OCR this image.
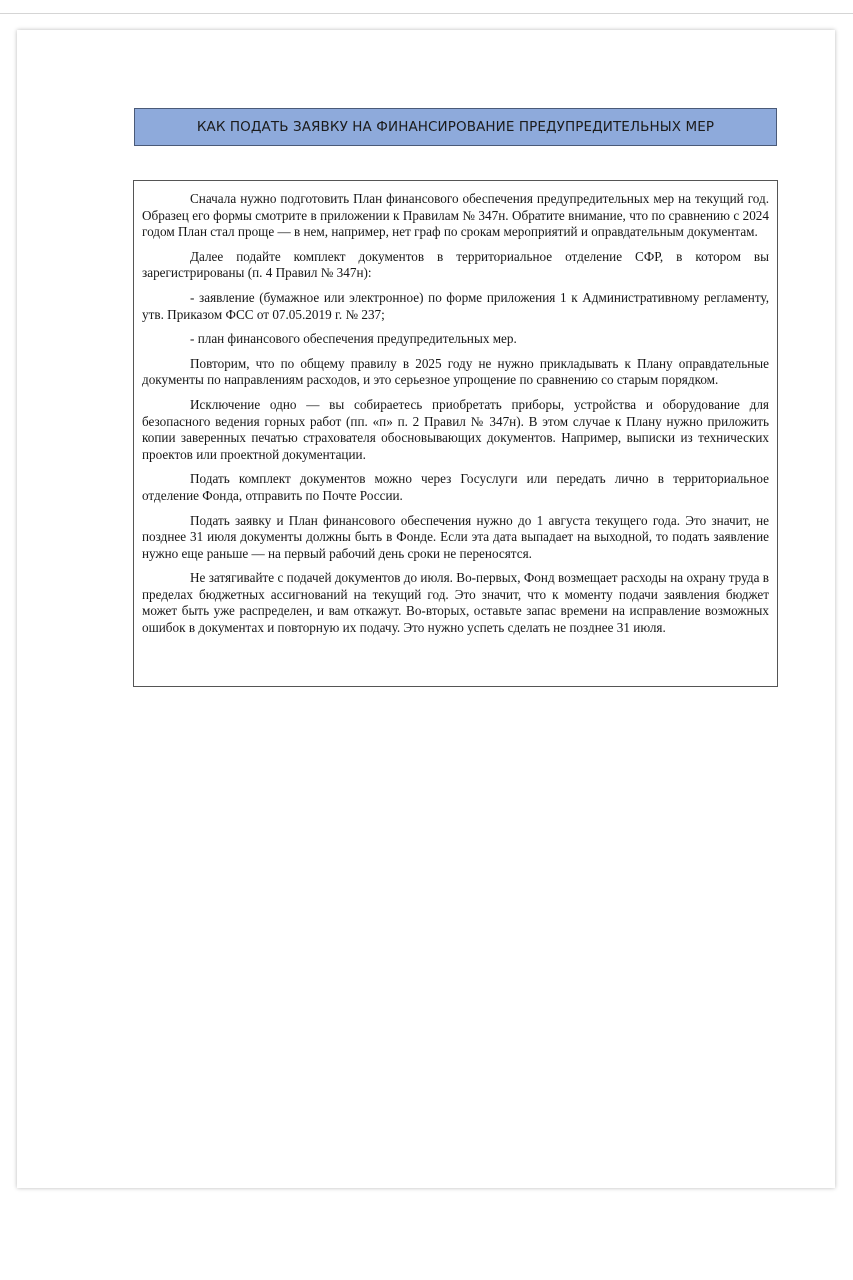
КАК ПОДАТЬ ЗАЯВКУ НА ФИНАНСИРОВАНИЕ ПРЕДУПРЕДИТЕЛЬНЫХ МЕР

Сначала нужно подготовить План финансового обеспечения предупредительных мер на текущий год. Образец его формы смотрите в приложении к Правилам № 347н. Обратите внимание, что по сравнению с 2024 годом План стал проще — в нем, например, нет граф по срокам мероприятий и оправдательным документам.

Далее подайте комплект документов в территориальное отделение СФР, в котором вы зарегистрированы (п. 4 Правил № 347н):

- заявление (бумажное или электронное) по форме приложения 1 к Административному регламенту, утв. Приказом ФСС от 07.05.2019 г. № 237;

- план финансового обеспечения предупредительных мер.

Повторим, что по общему правилу в 2025 году не нужно прикладывать к Плану оправдательные документы по направлениям расходов, и это серьезное упрощение по сравнению со старым порядком.

Исключение одно — вы собираетесь приобретать приборы, устройства и оборудование для безопасного ведения горных работ (пп. «п» п. 2 Правил № 347н). В этом случае к Плану нужно приложить копии заверенных печатью страхователя обосновывающих документов. Например, выписки из технических проектов или проектной документации.

Подать комплект документов можно через Госуслуги или передать лично в территориальное отделение Фонда, отправить по Почте России.

Подать заявку и План финансового обеспечения нужно до 1 августа текущего года. Это значит, не позднее 31 июля документы должны быть в Фонде. Если эта дата выпадает на выходной, то подать заявление нужно еще раньше — на первый рабочий день сроки не переносятся.

Не затягивайте с подачей документов до июля. Во-первых, Фонд возмещает расходы на охрану труда в пределах бюджетных ассигнований на текущий год. Это значит, что к моменту подачи заявления бюджет может быть уже распределен, и вам откажут. Во-вторых, оставьте запас времени на исправление возможных ошибок в документах и повторную их подачу. Это нужно успеть сделать не позднее 31 июля.
